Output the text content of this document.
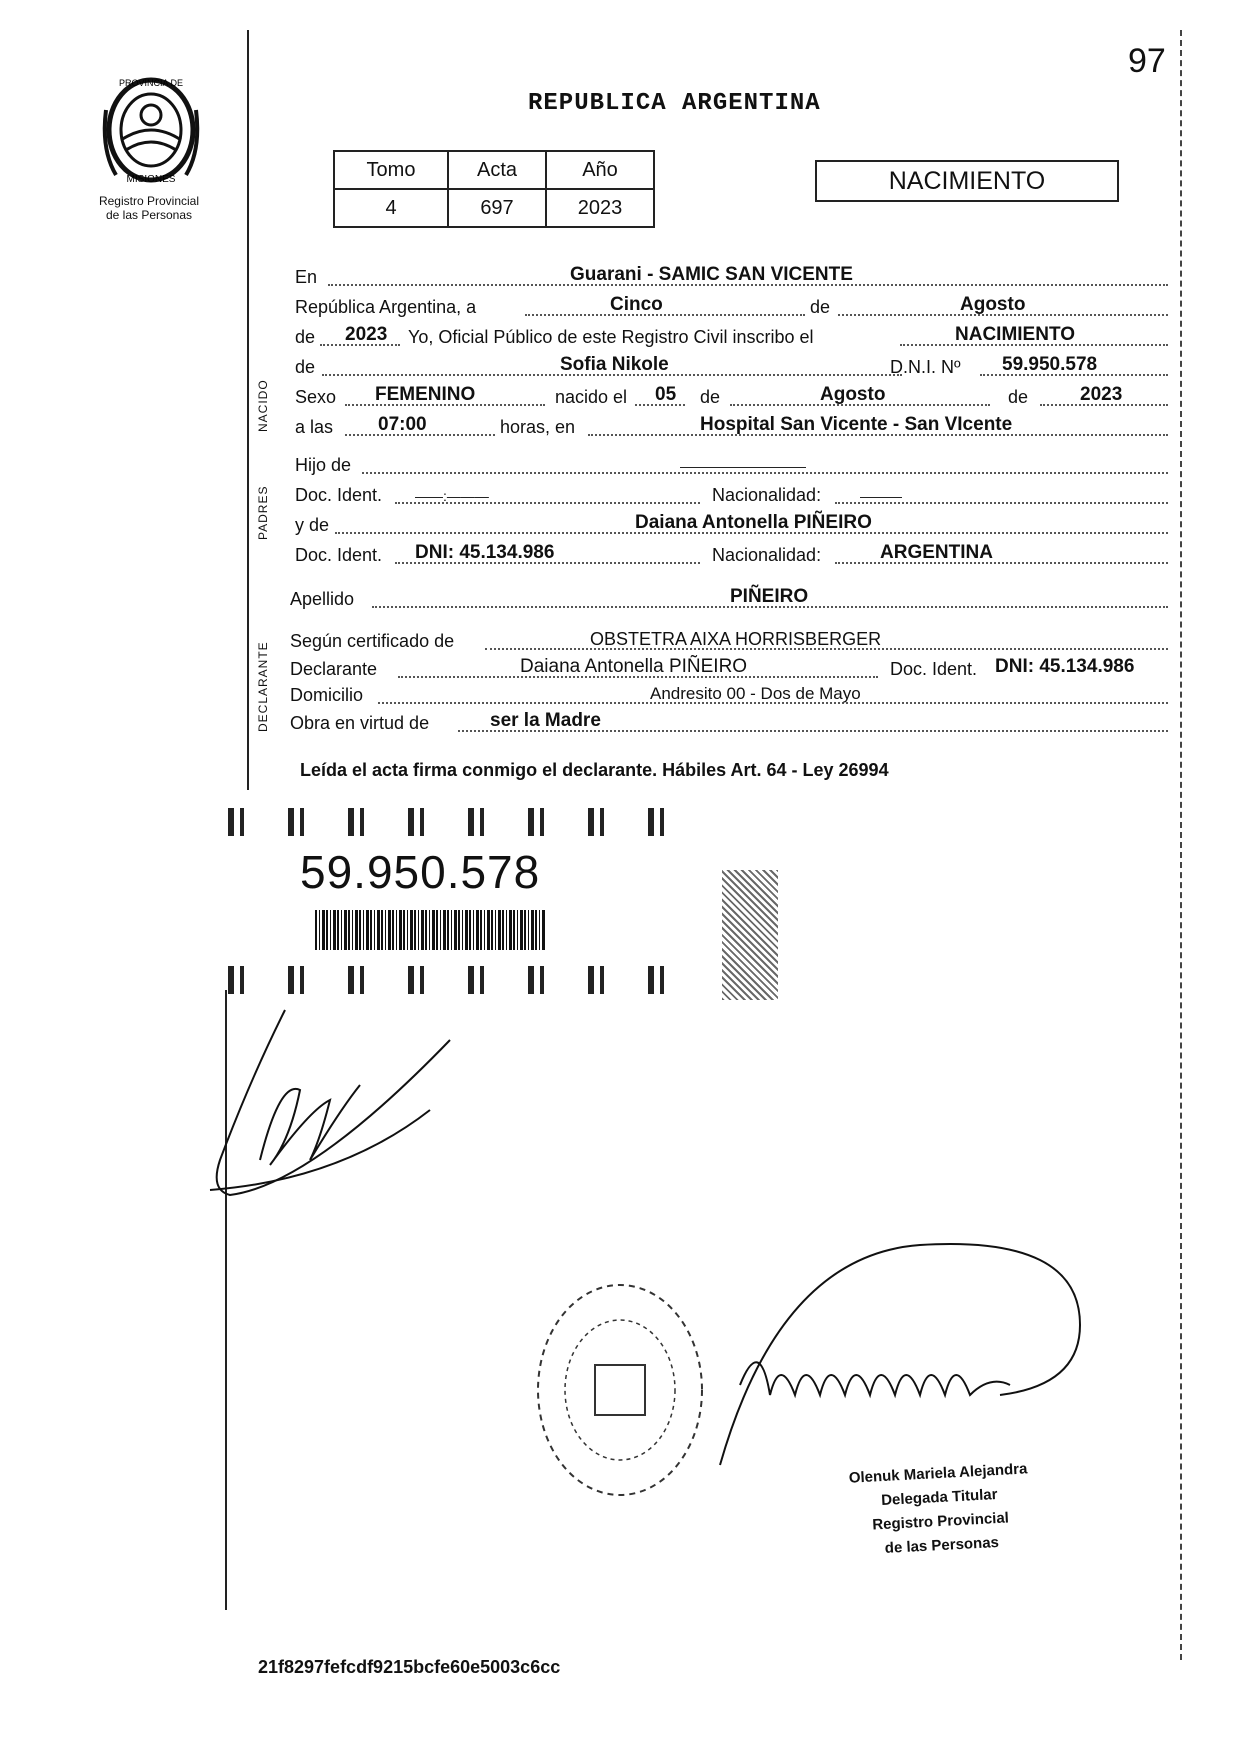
97
REPUBLICA ARGENTINA
PROVINCIA DE
MISIONES
Registro Provincial
de las Personas
Tomo	Acta	Año
4	697	2023
NACIMIENTO
NACIDO
PADRES
DECLARANTE
En	Guarani - SAMIC SAN VICENTE
República Argentina, a	Cinco	de	Agosto
de 2023 Yo, Oficial Público de este Registro Civil inscribo el	NACIMIENTO
de	Sofia Nikole	D.N.I. Nº 59.950.578
Sexo FEMENINO	nacido el 05 de	Agosto	de	2023
a las 07:00	horas, en	Hospital San Vicente - San VIcente
Hijo de	—————————
Doc. Ident. ——:———	Nacionalidad:	———
y de	Daiana Antonella PIÑEIRO
Doc. Ident. DNI: 45.134.986	Nacionalidad:	ARGENTINA
Apellido	PIÑEIRO
Según certificado de	OBSTETRA AIXA HORRISBERGER
Declarante	Daiana Antonella PIÑEIRO	Doc. Ident. DNI: 45.134.986
Domicilio	Andresito 00 - Dos de Mayo
Obra en virtud de	ser la Madre
Leída el acta firma conmigo el declarante. Hábiles Art. 64 - Ley 26994
59.950.578
Olenuk Mariela Alejandra
Delegada Titular
Registro Provincial
de las Personas
21f8297fefcdf9215bcfe60e5003c6cc
